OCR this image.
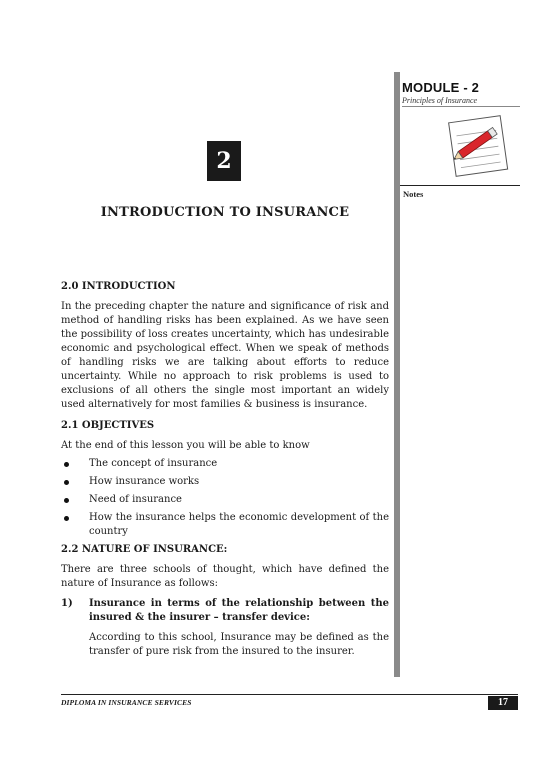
MODULE - 2
Principles of Insurance
Notes
2
INTRODUCTION TO INSURANCE

2.0 INTRODUCTION

In the preceding chapter the nature and significance of risk and method of handling risks has been explained. As we have seen the possibility of loss creates uncertainty, which has undesirable economic and psychological effect. When we speak of methods of handling risks we are talking about efforts to reduce uncertainty. While no approach to risk problems is used to exclusions of all others the single most important an widely used alternatively for most families & business is insurance.

2.1 OBJECTIVES

At the end of this lesson you will be able to know

The concept of insurance
How insurance works
Need of insurance
How the insurance helps the economic development of the country

2.2 NATURE OF INSURANCE:

There are three schools of thought, which have defined the nature of Insurance as follows:

1) Insurance in terms of the relationship between the insured & the insurer – transfer device:

According to this school, Insurance may be defined as the transfer of pure risk from the insured to the insurer.

DIPLOMA IN INSURANCE SERVICES	17
